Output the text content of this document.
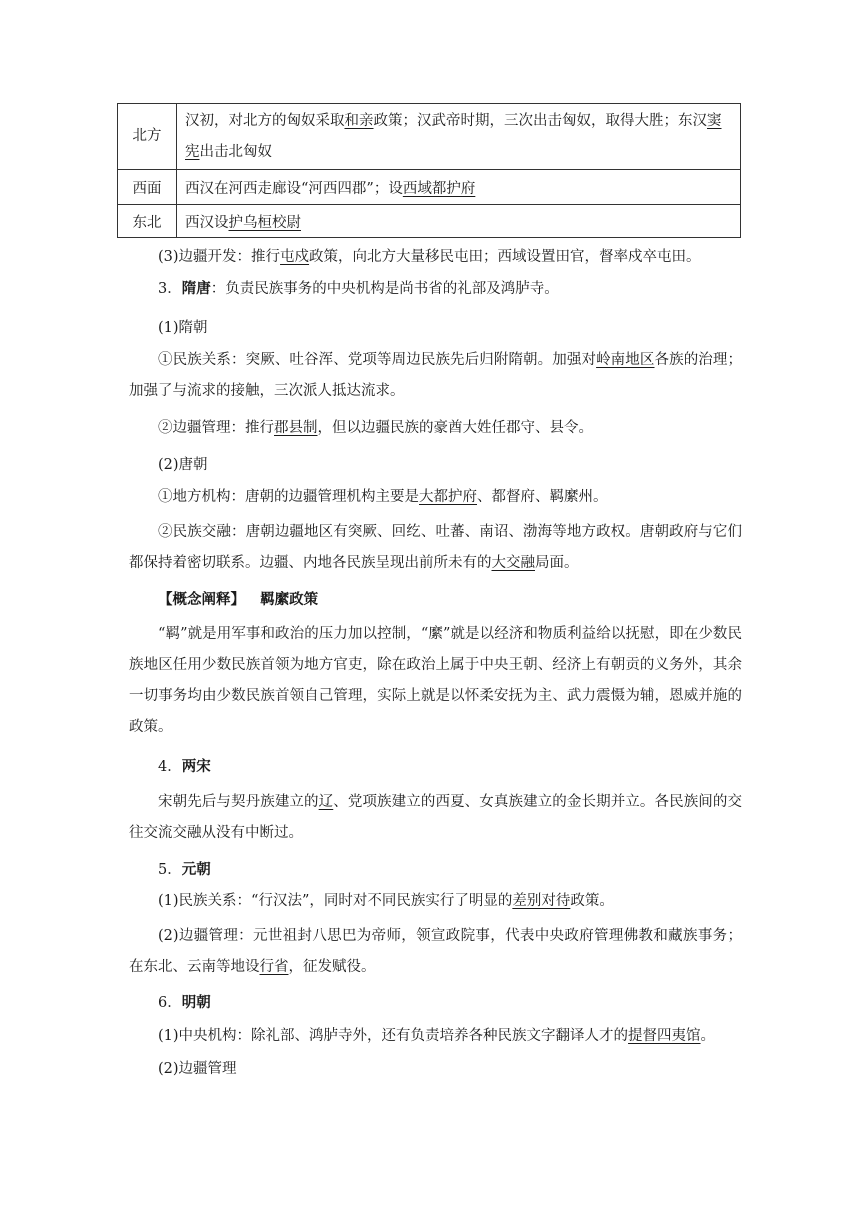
北方	汉初，对北方的匈奴采取和亲政策；汉武帝时期，三次出击匈奴，取得大胜；东汉窦宪出击北匈奴
西面	西汉在河西走廊设“河西四郡”；设西域都护府
东北	西汉设护乌桓校尉

(3)边疆开发：推行屯戍政策，向北方大量移民屯田；西域设置田官，督率戍卒屯田。

3．隋唐：负责民族事务的中央机构是尚书省的礼部及鸿胪寺。

(1)隋朝

①民族关系：突厥、吐谷浑、党项等周边民族先后归附隋朝。加强对岭南地区各族的治理；加强了与流求的接触，三次派人抵达流求。

②边疆管理：推行郡县制，但以边疆民族的豪酋大姓任郡守、县令。

(2)唐朝

①地方机构：唐朝的边疆管理机构主要是大都护府、都督府、羁縻州。

②民族交融：唐朝边疆地区有突厥、回纥、吐蕃、南诏、渤海等地方政权。唐朝政府与它们都保持着密切联系。边疆、内地各民族呈现出前所未有的大交融局面。

【概念阐释】 羁縻政策

“羁”就是用军事和政治的压力加以控制，“縻”就是以经济和物质利益给以抚慰，即在少数民族地区任用少数民族首领为地方官吏，除在政治上属于中央王朝、经济上有朝贡的义务外，其余一切事务均由少数民族首领自己管理，实际上就是以怀柔安抚为主、武力震慑为辅，恩威并施的政策。

4．两宋

宋朝先后与契丹族建立的辽、党项族建立的西夏、女真族建立的金长期并立。各民族间的交往交流交融从没有中断过。

5．元朝

(1)民族关系：“行汉法”，同时对不同民族实行了明显的差别对待政策。

(2)边疆管理：元世祖封八思巴为帝师，领宣政院事，代表中央政府管理佛教和藏族事务；在东北、云南等地设行省，征发赋役。

6．明朝

(1)中央机构：除礼部、鸿胪寺外，还有负责培养各种民族文字翻译人才的提督四夷馆。

(2)边疆管理
